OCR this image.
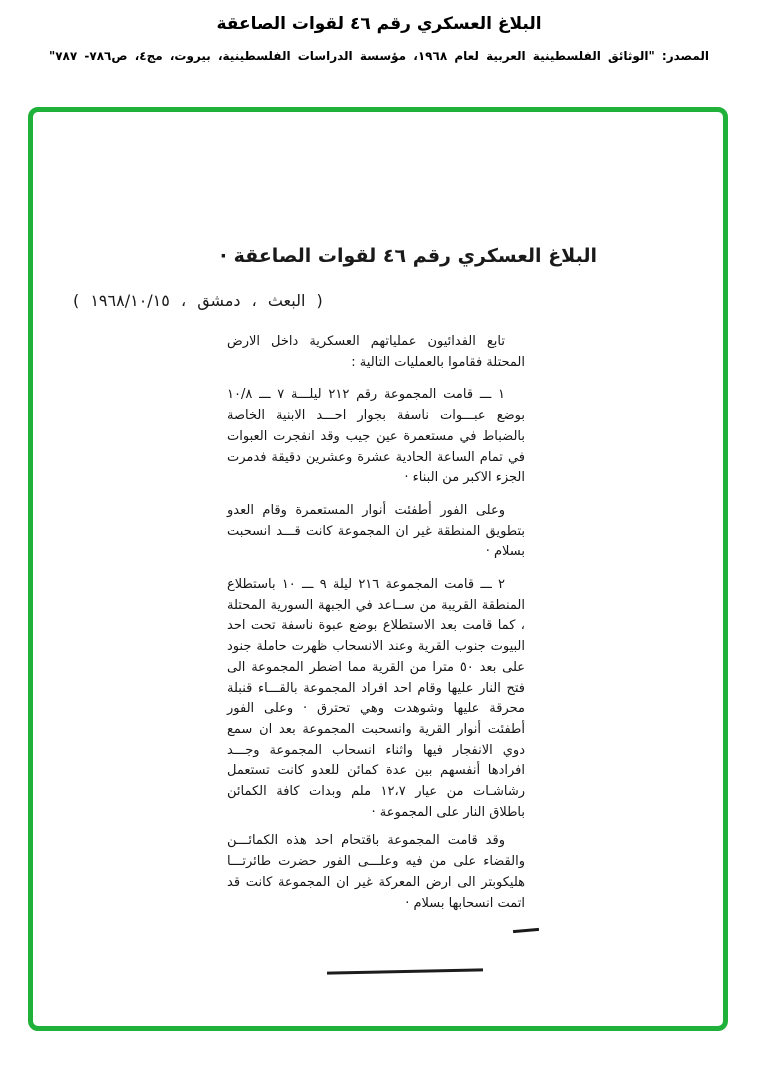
البلاغ العسكري رقم ٤٦ لقوات الصاعقة
المصدر: "الوثائق الفلسطينية العربية لعام ١٩٦٨، مؤسسة الدراسات الفلسطينية، بيروت، مج٤، ص٧٨٦- ٧٨٧"
البلاغ العسكري رقم ٤٦ لقوات الصاعقة ·
( البعث ، دمشق ، ١٩٦٨/١٠/١٥ )

تابع الفدائيون عملياتهم العسكرية داخل الارض المحتلة فقاموا بالعمليات التالية :

١ ـــ قامت المجموعة رقم ٢١٢ ليلـــة ٧ ـــ ١٠/٨ بوضع عبـــوات ناسفة بجوار احـــد الابنية الخاصة بالضباط في مستعمرة عين جيب وقد انفجرت العبوات في تمام الساعة الحادية عشرة وعشرين دقيقة فدمرت الجزء الاكبر من البناء ·

وعلى الفور أطفئت أنوار المستعمرة وقام العدو بتطويق المنطقة غير ان المجموعة كانت قـــد انسحبت بسلام ·

٢ ـــ قامت المجموعة ٢١٦ ليلة ٩ ـــ ١٠ باستطلاع المنطقة القريبة من ســاعد في الجبهة السورية المحتلة ، كما قامت بعد الاستطلاع بوضع عبوة ناسفة تحت احد البيوت جنوب القرية وعند الانسحاب ظهرت حاملة جنود على بعد ٥٠ مترا من القرية مما اضطر المجموعة الى فتح النار عليها وقام احد افراد المجموعة بالقـــاء قنبلة محرقة عليها وشوهدت وهي تحترق · وعلى الفور أطفئت أنوار القرية وانسحبت المجموعة بعد ان سمع دوي الانفجار فيها واثناء انسحاب المجموعة وجـــد افرادها أنفسهم بين عدة كمائن للعدو كانت تستعمل رشاشـات من عيار ١٢،٧ ملم وبدات كافة الكمائن باطلاق النار على المجموعة ·

وقد قامت المجموعة باقتحام احد هذه الكمائـــن والقضاء على من فيه وعلـــى الفور حضرت طائرتـــا هليكوبتر الى ارض المعركة غير ان المجموعة كانت قد اتمت انسحابها بسلام ·
